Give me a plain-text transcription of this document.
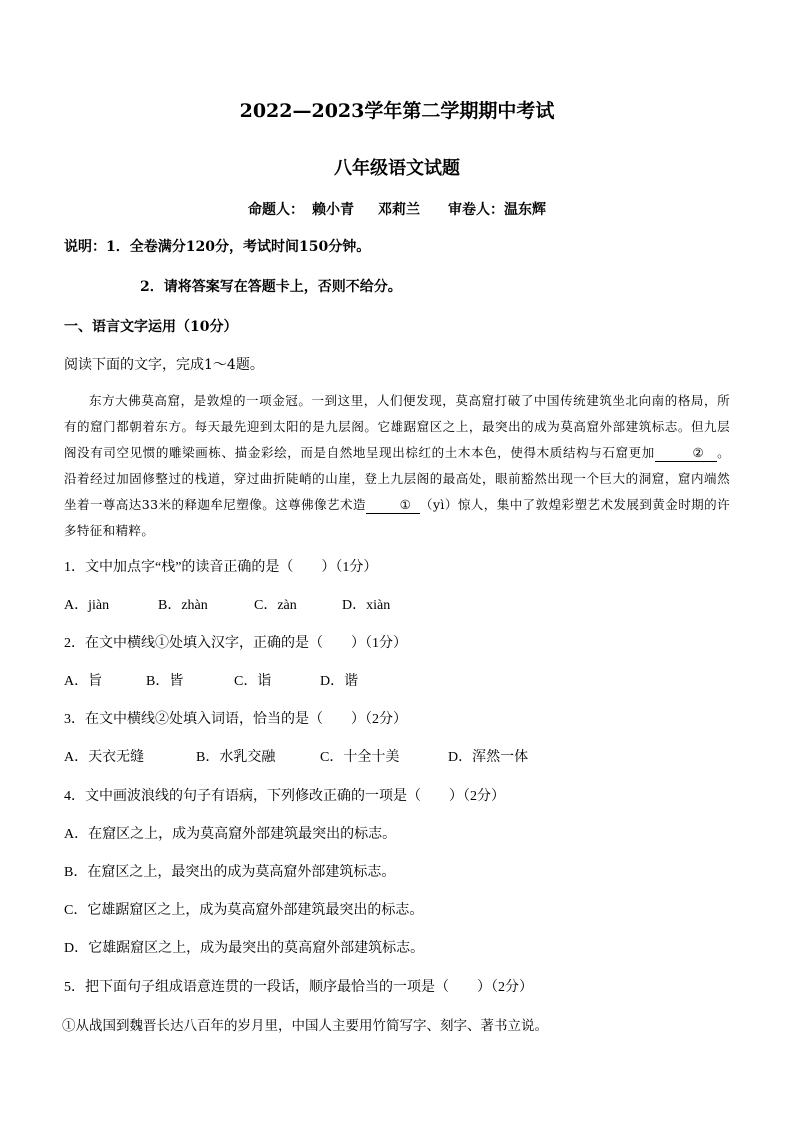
2022—2023学年第二学期期中考试
八年级语文试题
命题人： 赖小青 邓莉兰 审卷人：温东辉
说明：1．全卷满分120分，考试时间150分钟。
2．请将答案写在答题卡上，否则不给分。
一、语言文字运用（10分）
阅读下面的文字，完成1～4题。

东方大佛莫高窟，是敦煌的一项金冠。一到这里，人们便发现，莫高窟打破了中国传统建筑坐北向南的格局，所有的窟门都朝着东方。每天最先迎到太阳的是九层阁。它雄踞窟区之上，最突出的成为莫高窟外部建筑标志。但九层阁没有司空见惯的雕梁画栋、描金彩绘，而是自然地呈现出棕红的土木本色，使得木质结构与石窟更加	② 。沿着经过加固修整过的栈道，穿过曲折陡峭的山崖，登上九层阁的最高处，眼前豁然出现一个巨大的洞窟，窟内端然坐着一尊高达33米的释迦牟尼塑像。这尊佛像艺术造	① （yì）惊人，集中了敦煌彩塑艺术发展到黄金时期的许多特征和精粹。

1．文中加点字“栈”的读音正确的是（　　）（1分）
A．jiàn	B．zhàn	C．zàn	D．xiàn
2．在文中横线①处填入汉字，正确的是（　　）（1分）
A．旨	B．皆	C．诣	D．谐
3．在文中横线②处填入词语，恰当的是（　　）（2分）
A．天衣无缝	B．水乳交融	C．十全十美	D．浑然一体
4．文中画波浪线的句子有语病，下列修改正确的一项是（　　）（2分）
A．在窟区之上，成为莫高窟外部建筑最突出的标志。
B．在窟区之上，最突出的成为莫高窟外部建筑标志。
C．它雄踞窟区之上，成为莫高窟外部建筑最突出的标志。
D．它雄踞窟区之上，成为最突出的莫高窟外部建筑标志。
5．把下面句子组成语意连贯的一段话，顺序最恰当的一项是（　　）（2分）
①从战国到魏晋长达八百年的岁月里，中国人主要用竹简写字、刻字、著书立说。
